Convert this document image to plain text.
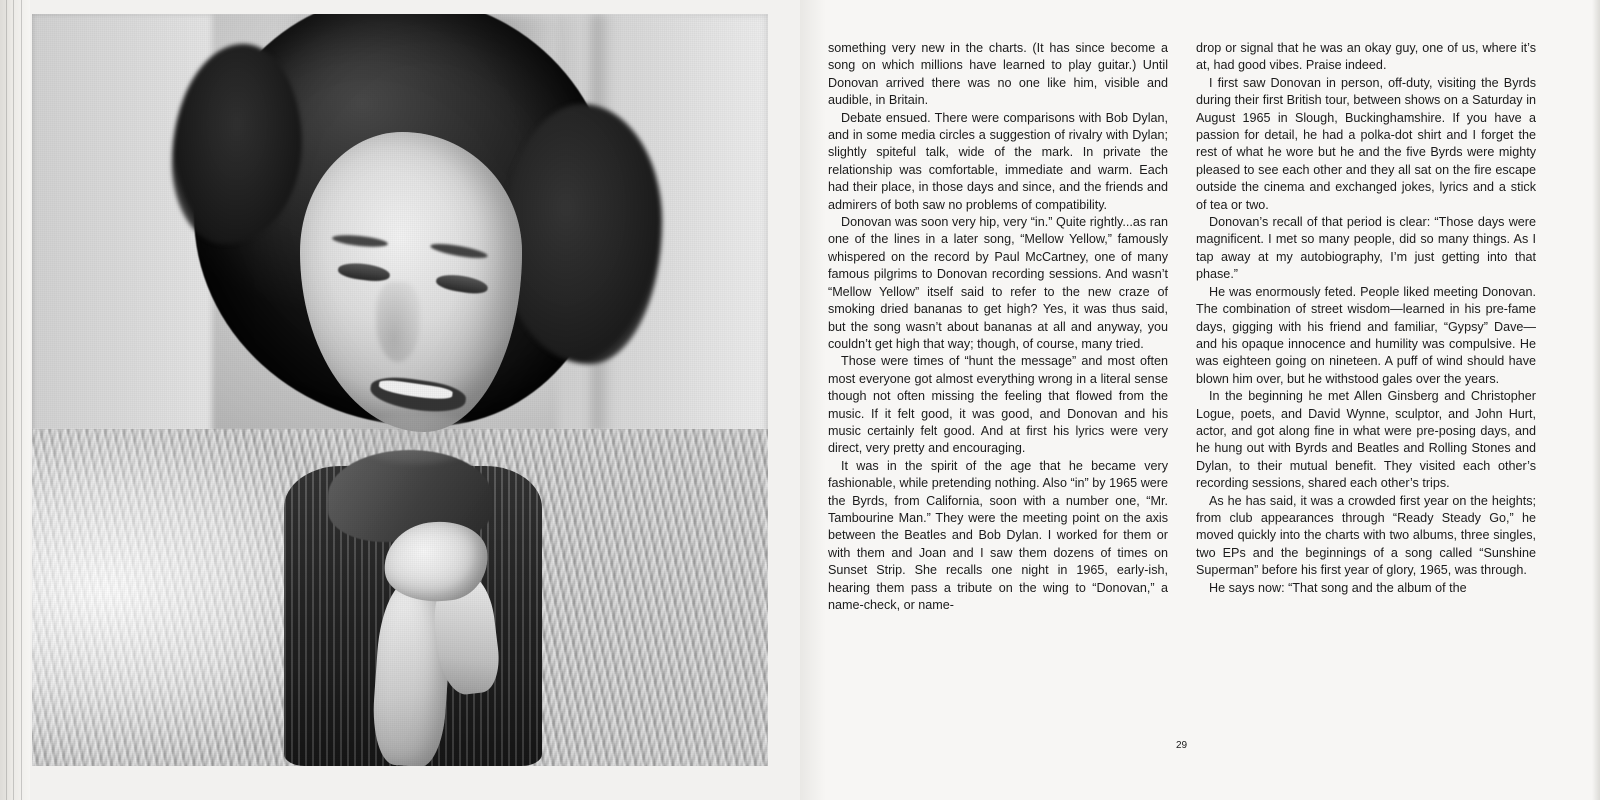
something very new in the charts. (It has since become a song on which millions have learned to play guitar.) Until Donovan arrived there was no one like him, visible and audible, in Britain.

Debate ensued. There were comparisons with Bob Dylan, and in some media circles a suggestion of rivalry with Dylan; slightly spiteful talk, wide of the mark. In private the relationship was comfortable, immediate and warm. Each had their place, in those days and since, and the friends and admirers of both saw no problems of compatibility.

Donovan was soon very hip, very “in.” Quite rightly...as ran one of the lines in a later song, “Mellow Yellow,” famously whispered on the record by Paul McCartney, one of many famous pilgrims to Donovan recording sessions. And wasn’t “Mellow Yellow” itself said to refer to the new craze of smoking dried bananas to get high? Yes, it was thus said, but the song wasn’t about bananas at all and anyway, you couldn’t get high that way; though, of course, many tried.

Those were times of “hunt the message” and most often most everyone got almost everything wrong in a literal sense though not often missing the feeling that flowed from the music. If it felt good, it was good, and Donovan and his music certainly felt good. And at first his lyrics were very direct, very pretty and encouraging.

It was in the spirit of the age that he became very fashionable, while pretending nothing. Also “in” by 1965 were the Byrds, from California, soon with a number one, “Mr. Tambourine Man.” They were the meeting point on the axis between the Beatles and Bob Dylan. I worked for them or with them and Joan and I saw them dozens of times on Sunset Strip. She recalls one night in 1965, early-ish, hearing them pass a tribute on the wing to “Donovan,” a name-check, or name-

drop or signal that he was an okay guy, one of us, where it’s at, had good vibes. Praise indeed.

I first saw Donovan in person, off-duty, visiting the Byrds during their first British tour, between shows on a Saturday in August 1965 in Slough, Buckinghamshire. If you have a passion for detail, he had a polka-dot shirt and I forget the rest of what he wore but he and the five Byrds were mighty pleased to see each other and they all sat on the fire escape outside the cinema and exchanged jokes, lyrics and a stick of tea or two.

Donovan’s recall of that period is clear: “Those days were magnificent. I met so many people, did so many things. As I tap away at my autobiography, I’m just getting into that phase.”

He was enormously feted. People liked meeting Donovan. The combination of street wisdom—learned in his pre-fame days, gigging with his friend and familiar, “Gypsy” Dave—and his opaque innocence and humility was compulsive. He was eighteen going on nineteen. A puff of wind should have blown him over, but he withstood gales over the years.

In the beginning he met Allen Ginsberg and Christopher Logue, poets, and David Wynne, sculptor, and John Hurt, actor, and got along fine in what were pre-posing days, and he hung out with Byrds and Beatles and Rolling Stones and Dylan, to their mutual benefit. They visited each other’s recording sessions, shared each other’s trips.

As he has said, it was a crowded first year on the heights; from club appearances through “Ready Steady Go,” he moved quickly into the charts with two albums, three singles, two EPs and the beginnings of a song called “Sunshine Superman” before his first year of glory, 1965, was through.

He says now: “That song and the album of the

29
